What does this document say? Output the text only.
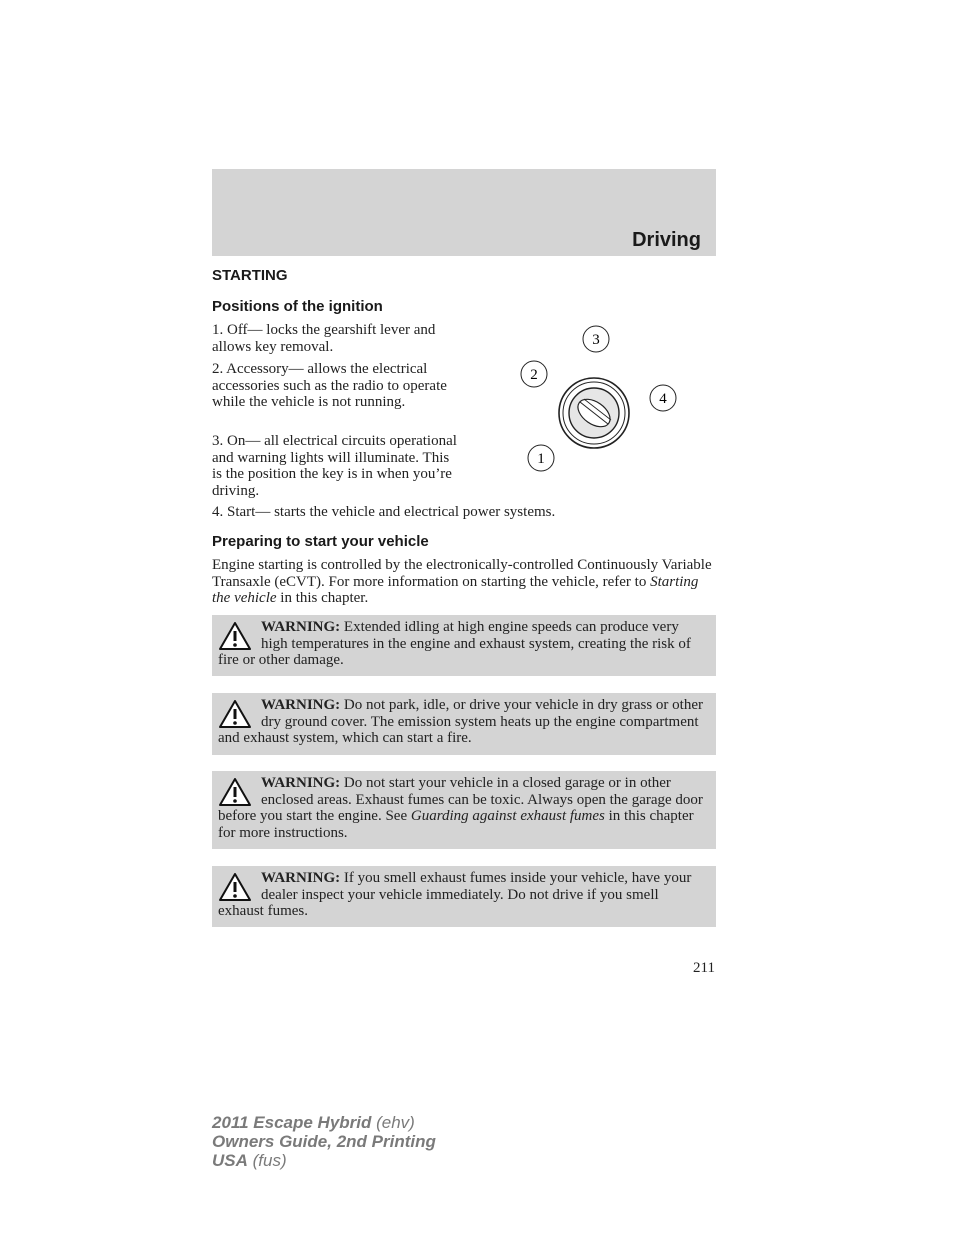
Driving
STARTING
Positions of the ignition

1. Off— locks the gearshift lever and allows key removal.

2. Accessory— allows the electrical accessories such as the radio to operate while the vehicle is not running.

3. On— all electrical circuits operational and warning lights will illuminate. This is the position the key is in when you’re driving.

4. Start— starts the vehicle and electrical power systems.

1
2
3
4
Preparing to start your vehicle

Engine starting is controlled by the electronically-controlled Continuously Variable Transaxle (eCVT). For more information on starting the vehicle, refer to Starting the vehicle in this chapter.

WARNING: Extended idling at high engine speeds can produce very high temperatures in the engine and exhaust system, creating the risk of fire or other damage.

WARNING: Do not park, idle, or drive your vehicle in dry grass or other dry ground cover. The emission system heats up the engine compartment and exhaust system, which can start a fire.

WARNING: Do not start your vehicle in a closed garage or in other enclosed areas. Exhaust fumes can be toxic. Always open the garage door before you start the engine. See Guarding against exhaust fumes in this chapter for more instructions.

WARNING: If you smell exhaust fumes inside your vehicle, have your dealer inspect your vehicle immediately. Do not drive if you smell exhaust fumes.

211
2011 Escape Hybrid (ehv)
Owners Guide, 2nd Printing
USA (fus)
